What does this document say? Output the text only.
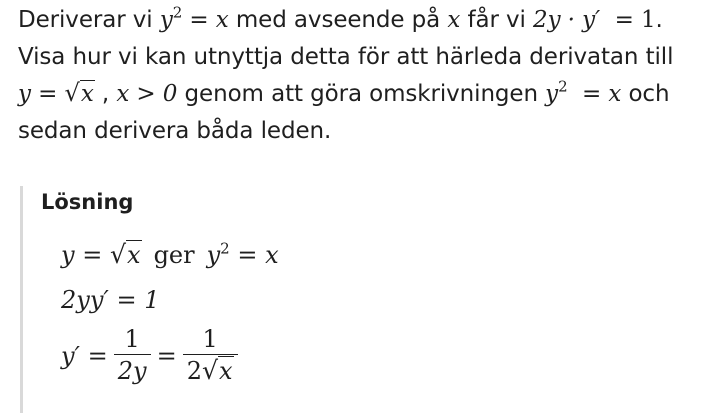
Deriverar vi $y^2 = x$ med avseende på x får vi 2y · y′ = 1. Visa hur vi kan utnyttja detta för att härleda derivatan till y = √x , x > 0 genom att göra omskrivningen $y^2 = x$ och sedan derivera båda leden.
Lösning
y = √x ger $y^2 = x$
2yy′ = 1
$y' = \frac{1}{2y} = \frac{1}{2√x}$
